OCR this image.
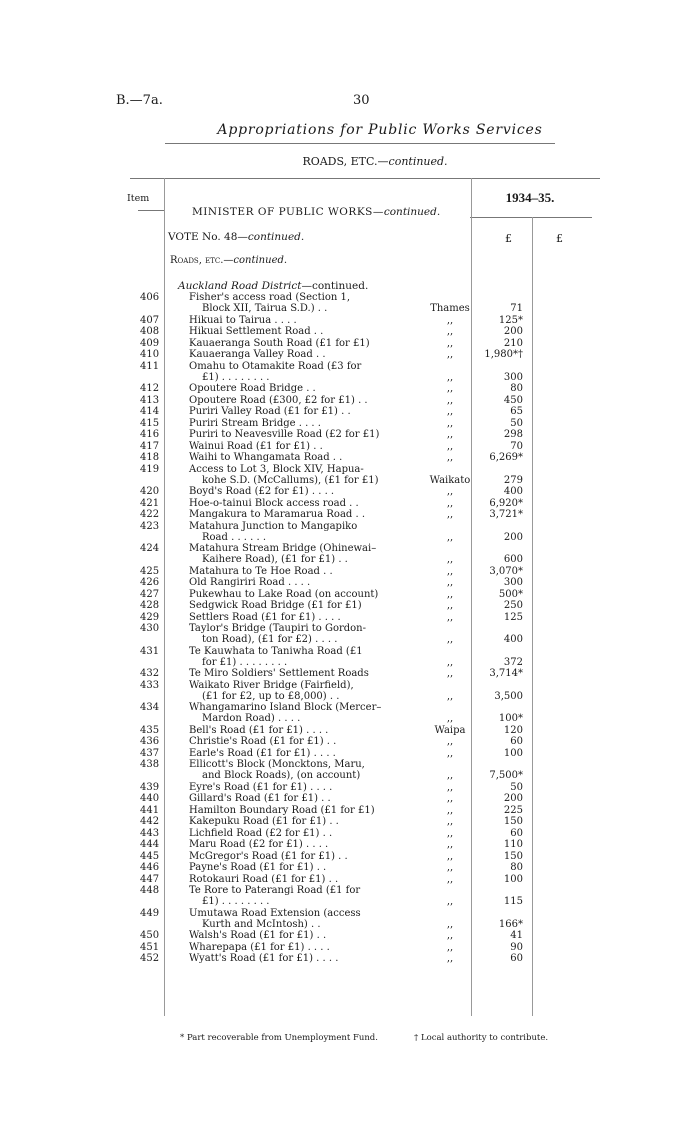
B.—7a.	30
Appropriations for Public Works Services
ROADS, ETC.—continued.
Item	1934–35.
MINISTER OF PUBLIC WORKS—continued.
VOTE No. 48—continued.	£	£
Roads, etc.—continued.
Auckland Road District—continued.
406	Fisher's access road (Section 1,
Block XII, Tairua S.D.) . .	Thames	71
407	Hikuai to Tairua . . . .	,,	125*
408	Hikuai Settlement Road . .	,,	200
409	Kauaeranga South Road (£1 for £1)	,,	210
410	Kauaeranga Valley Road . .	,,	1,980*†
411	Omahu to Otamakite Road (£3 for
£1) . . . . . . . .	,,	300
412	Opoutere Road Bridge . .	,,	80
413	Opoutere Road (£300, £2 for £1) . .	,,	450
414	Puriri Valley Road (£1 for £1) . .	,,	65
415	Puriri Stream Bridge . . . .	,,	50
416	Puriri to Neavesville Road (£2 for £1)	,,	298
417	Wainui Road (£1 for £1) . .	,,	70
418	Waihi to Whangamata Road . .	,,	6,269*
419	Access to Lot 3, Block XIV, Hapua-
kohe S.D. (McCallums), (£1 for £1)	Waikato	279
420	Boyd's Road (£2 for £1) . . . .	,,	400
421	Hoe-o-tainui Block access road . .	,,	6,920*
422	Mangakura to Maramarua Road . .	,,	3,721*
423	Matahura Junction to Mangapiko
Road . . . . . .	,,	200
424	Matahura Stream Bridge (Ohinewai–
Kaihere Road), (£1 for £1) . .	,,	600
425	Matahura to Te Hoe Road . .	,,	3,070*
426	Old Rangiriri Road . . . .	,,	300
427	Pukewhau to Lake Road (on account)	,,	500*
428	Sedgwick Road Bridge (£1 for £1)	,,	250
429	Settlers Road (£1 for £1) . . . .	,,	125
430	Taylor's Bridge (Taupiri to Gordon-
ton Road), (£1 for £2) . . . .	,,	400
431	Te Kauwhata to Taniwha Road (£1
for £1) . . . . . . . .	,,	372
432	Te Miro Soldiers' Settlement Roads	,,	3,714*
433	Waikato River Bridge (Fairfield),
(£1 for £2, up to £8,000) . .	,,	3,500
434	Whangamarino Island Block (Mercer–
Mardon Road) . . . .	,,	100*
435	Bell's Road (£1 for £1) . . . .	Waipa	120
436	Christie's Road (£1 for £1) . .	,,	60
437	Earle's Road (£1 for £1) . . . .	,,	100
438	Ellicott's Block (Moncktons, Maru,
and Block Roads), (on account)	,,	7,500*
439	Eyre's Road (£1 for £1) . . . .	,,	50
440	Gillard's Road (£1 for £1) . .	,,	200
441	Hamilton Boundary Road (£1 for £1)	,,	225
442	Kakepuku Road (£1 for £1) . .	,,	150
443	Lichfield Road (£2 for £1) . .	,,	60
444	Maru Road (£2 for £1) . . . .	,,	110
445	McGregor's Road (£1 for £1) . .	,,	150
446	Payne's Road (£1 for £1) . .	,,	80
447	Rotokauri Road (£1 for £1) . .	,,	100
448	Te Rore to Paterangi Road (£1 for
£1) . . . . . . . .	,,	115
449	Umutawa Road Extension (access
Kurth and McIntosh) . .	,,	166*
450	Walsh's Road (£1 for £1) . .	,,	41
451	Wharepapa (£1 for £1) . . . .	,,	90
452	Wyatt's Road (£1 for £1) . . . .	,,	60
* Part recoverable from Unemployment Fund.	† Local authority to contribute.
